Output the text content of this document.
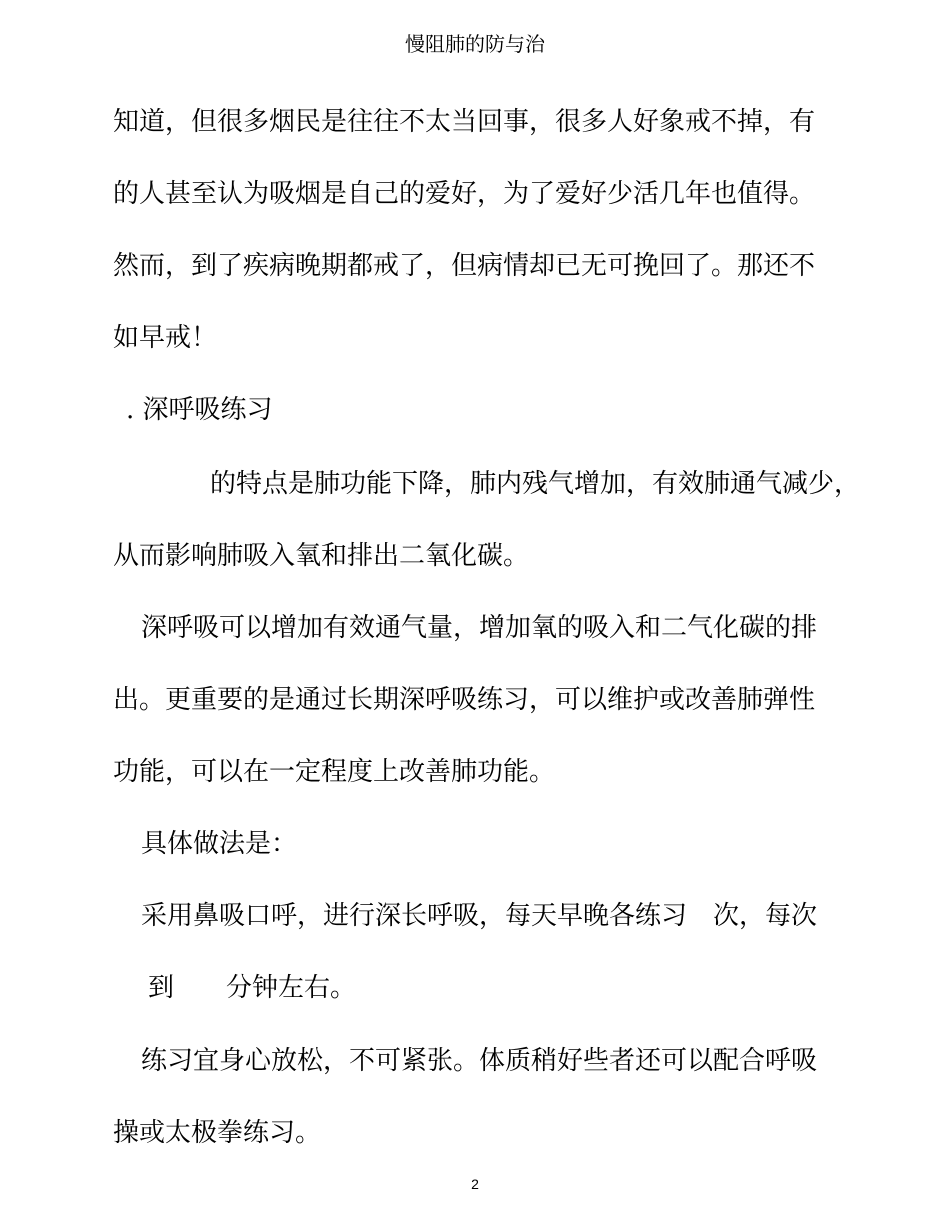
慢阻肺的防与治
知道，但很多烟民是往往不太当回事，很多人好象戒不掉，有
的人甚至认为吸烟是自己的爱好，为了爱好少活几年也值得。
然而，到了疾病晚期都戒了，但病情却已无可挽回了。那还不
如早戒！
. 深呼吸练习
的特点是肺功能下降，肺内残气增加，有效肺通气减少，
从而影响肺吸入氧和排出二氧化碳。
深呼吸可以增加有效通气量，增加氧的吸入和二气化碳的排
出。更重要的是通过长期深呼吸练习，可以维护或改善肺弹性
功能，可以在一定程度上改善肺功能。
具体做法是：
采用鼻吸口呼，进行深长呼吸，每天早晚各练习　次，每次
到　　分钟左右。
练习宜身心放松，不可紧张。体质稍好些者还可以配合呼吸
操或太极拳练习。
2
